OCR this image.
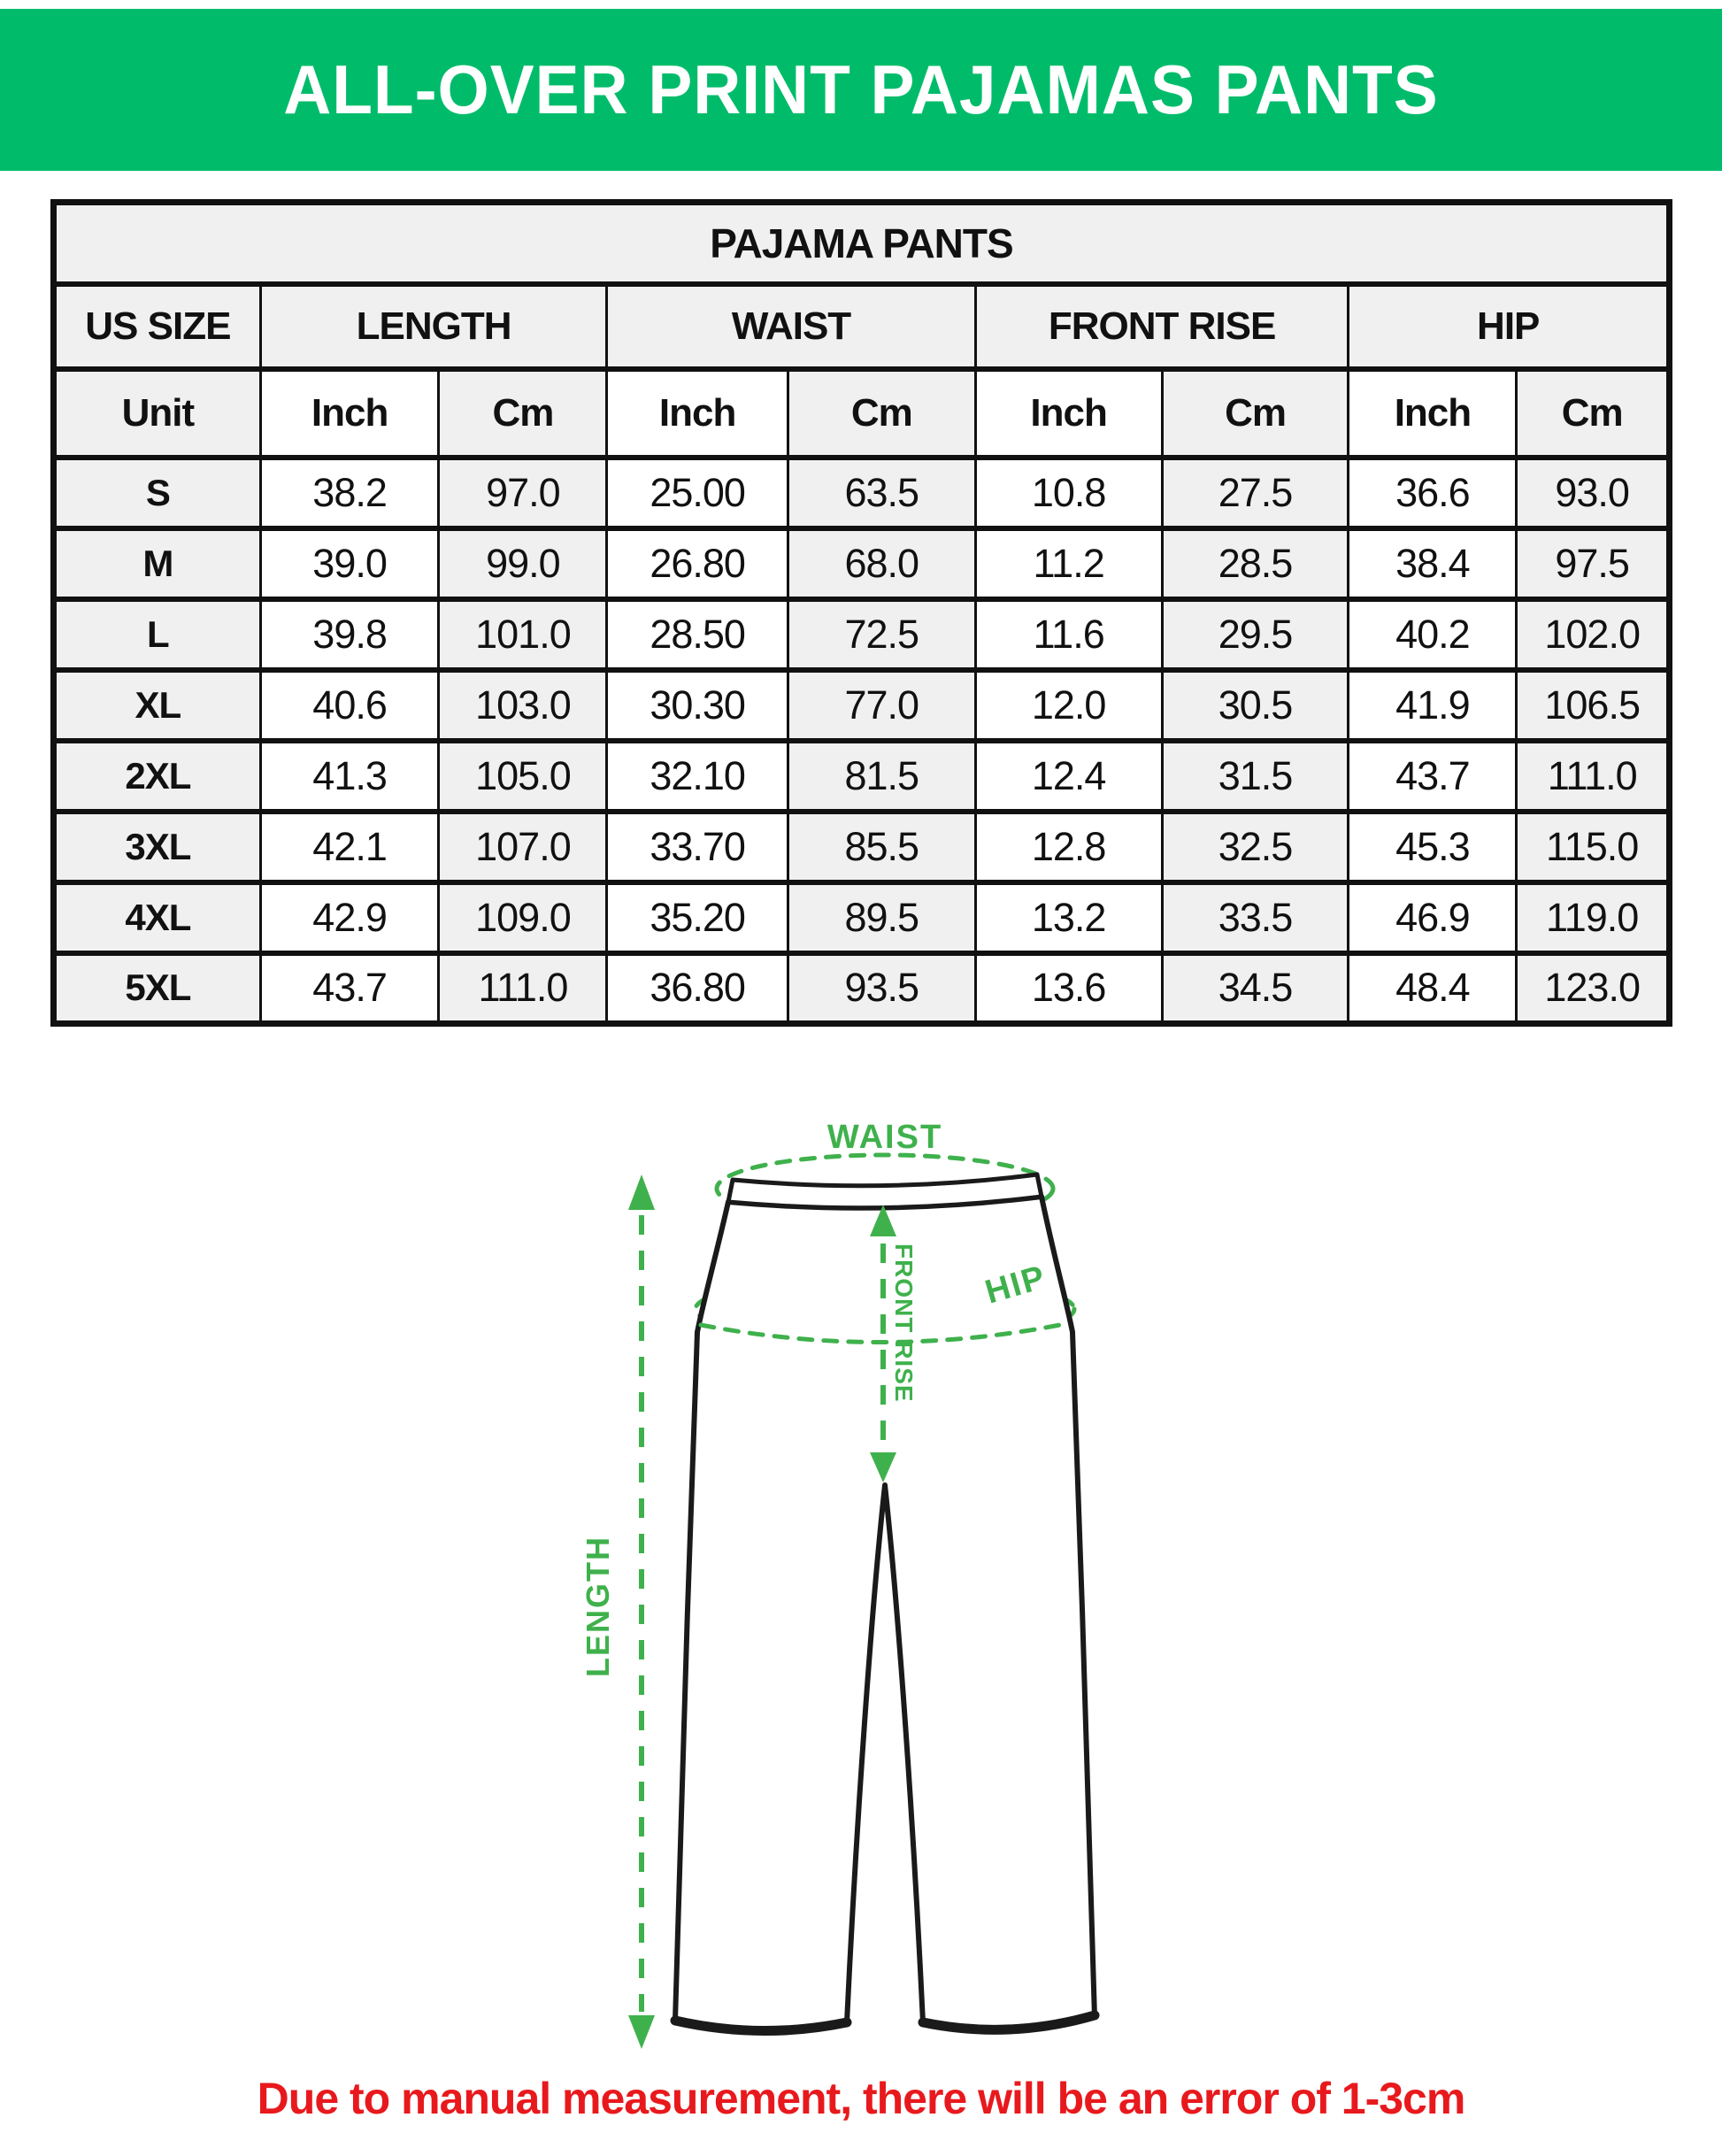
ALL-OVER PRINT PAJAMAS PANTS
PAJAMA PANTS								
US SIZE	LENGTH		WAIST		FRONT RISE		HIP	
Unit	Inch	Cm	Inch	Cm	Inch	Cm	Inch	Cm
S	38.2	97.0	25.00	63.5	10.8	27.5	36.6	93.0
M	39.0	99.0	26.80	68.0	11.2	28.5	38.4	97.5
L	39.8	101.0	28.50	72.5	11.6	29.5	40.2	102.0
XL	40.6	103.0	30.30	77.0	12.0	30.5	41.9	106.5
2XL	41.3	105.0	32.10	81.5	12.4	31.5	43.7	111.0
3XL	42.1	107.0	33.70	85.5	12.8	32.5	45.3	115.0
4XL	42.9	109.0	35.20	89.5	13.2	33.5	46.9	119.0
5XL	43.7	111.0	36.80	93.5	13.6	34.5	48.4	123.0
WAIST
FRONT RISE HIP
LENGTH
Due to manual measurement, there will be an error of 1-3cm
